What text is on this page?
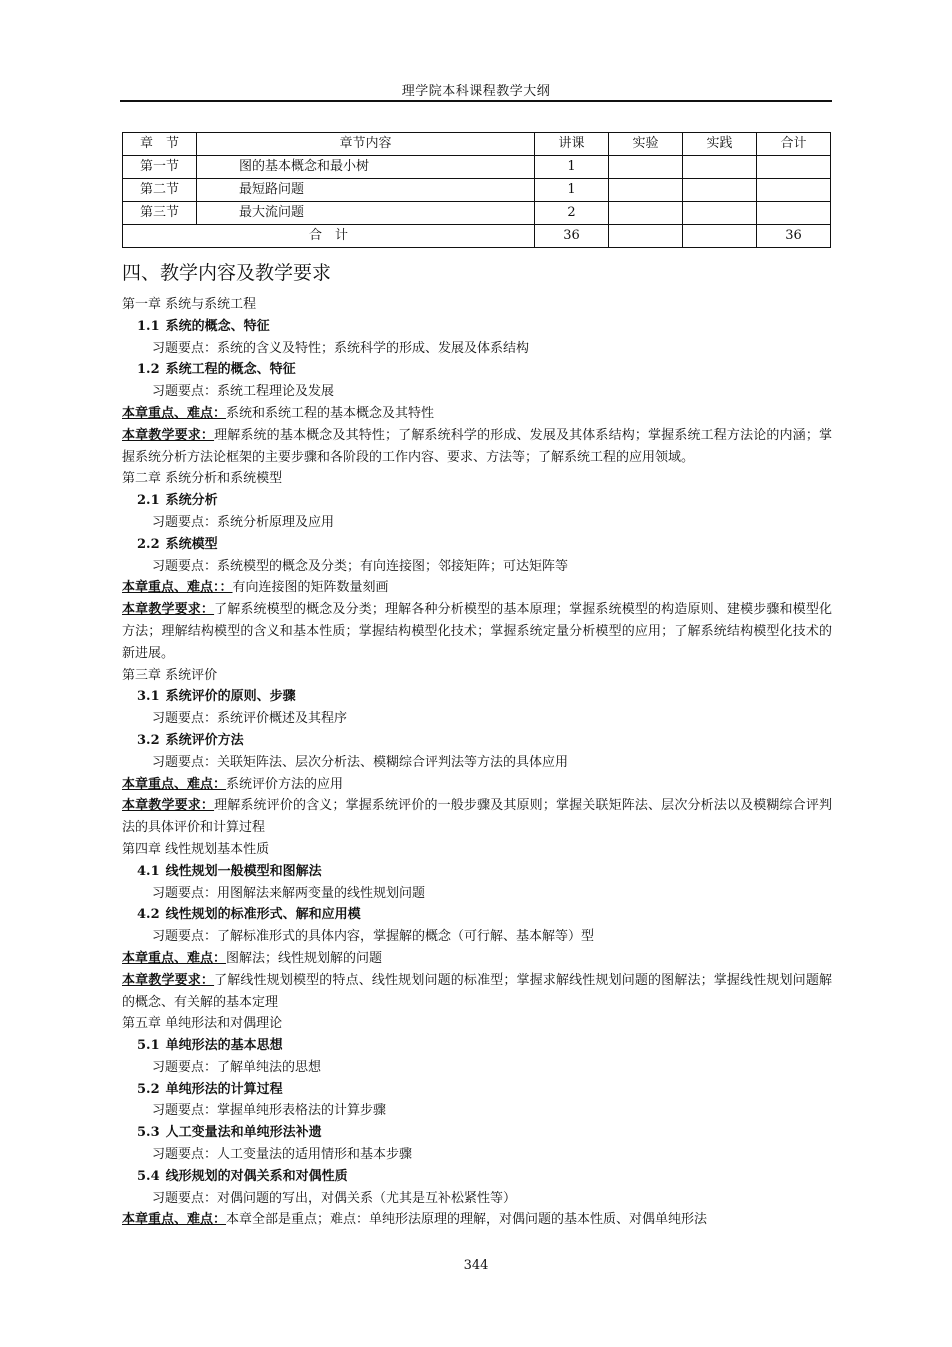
理学院本科课程教学大纲
章　节	章节内容	讲课	实验	实践	合计
第一节	图的基本概念和最小树	1			
第二节	最短路问题	1			
第三节	最大流问题	2			
合　计		36			36
四、教学内容及教学要求
第一章 系统与系统工程
1.1 系统的概念、特征
习题要点：系统的含义及特性；系统科学的形成、发展及体系结构
1.2 系统工程的概念、特征
习题要点：系统工程理论及发展
本章重点、难点：系统和系统工程的基本概念及其特性
本章教学要求：理解系统的基本概念及其特性；了解系统科学的形成、发展及其体系结构；掌握系统工程方法论的内涵；掌握系统分析方法论框架的主要步骤和各阶段的工作内容、要求、方法等；了解系统工程的应用领域。
第二章 系统分析和系统模型
2.1 系统分析
习题要点：系统分析原理及应用
2.2 系统模型
习题要点：系统模型的概念及分类；有向连接图；邻接矩阵；可达矩阵等
本章重点、难点：：有向连接图的矩阵数量刻画
本章教学要求：了解系统模型的概念及分类；理解各种分析模型的基本原理；掌握系统模型的构造原则、建模步骤和模型化方法；理解结构模型的含义和基本性质；掌握结构模型化技术；掌握系统定量分析模型的应用；了解系统结构模型化技术的新进展。
第三章 系统评价
3.1 系统评价的原则、步骤
习题要点：系统评价概述及其程序
3.2 系统评价方法
习题要点：关联矩阵法、层次分析法、模糊综合评判法等方法的具体应用
本章重点、难点：系统评价方法的应用
本章教学要求：理解系统评价的含义；掌握系统评价的一般步骤及其原则；掌握关联矩阵法、层次分析法以及模糊综合评判法的具体评价和计算过程
第四章 线性规划基本性质
4.1 线性规划一般模型和图解法
习题要点：用图解法来解两变量的线性规划问题
4.2 线性规划的标准形式、解和应用模
习题要点：了解标准形式的具体内容，掌握解的概念（可行解、基本解等）型
本章重点、难点：图解法；线性规划解的问题
本章教学要求：了解线性规划模型的特点、线性规划问题的标准型；掌握求解线性规划问题的图解法；掌握线性规划问题解的概念、有关解的基本定理
第五章 单纯形法和对偶理论
5.1 单纯形法的基本思想
习题要点：了解单纯法的思想
5.2 单纯形法的计算过程
习题要点：掌握单纯形表格法的计算步骤
5.3 人工变量法和单纯形法补遗
习题要点：人工变量法的适用情形和基本步骤
5.4 线形规划的对偶关系和对偶性质
习题要点：对偶问题的写出，对偶关系（尤其是互补松紧性等）
本章重点、难点：本章全部是重点；难点：单纯形法原理的理解，对偶问题的基本性质、对偶单纯形法
344
